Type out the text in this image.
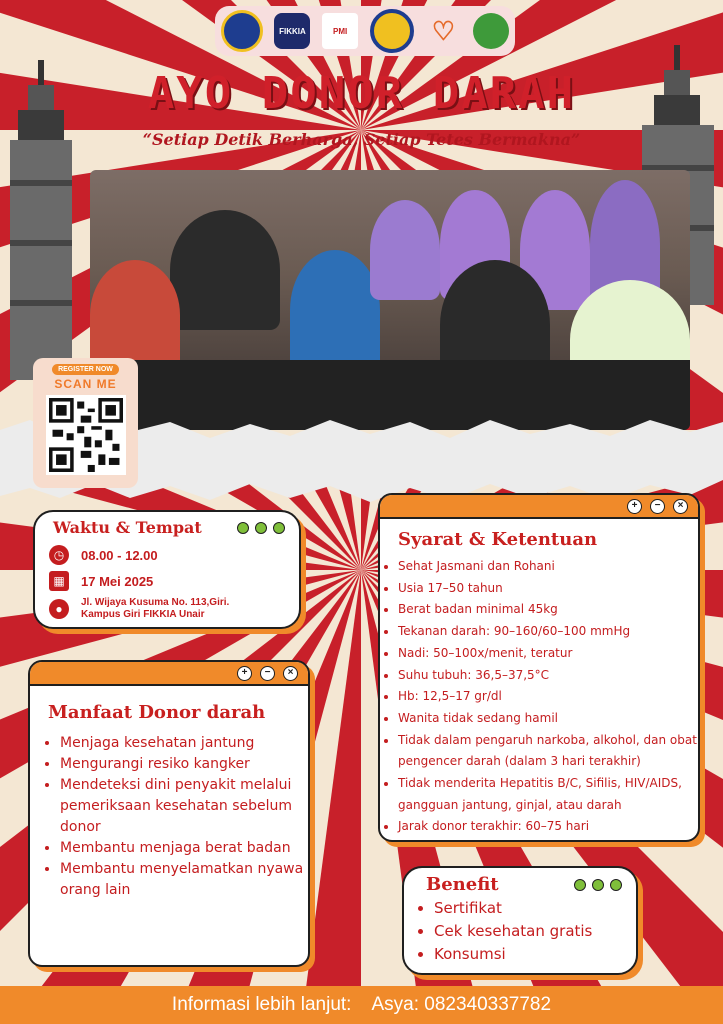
FIKKIA	PMI	♡
AYO DONOR DARAH
“Setiap Detik Berharga, Setiap Tetes Bermakna”
REGISTER NOW
SCAN ME
Waktu & Tempat
◷	08.00 - 12.00
▦	17 Mei 2025
●	Jl. Wijaya Kusuma No. 113,Giri.
Kampus Giri FIKKIA Unair
+	−	×
Syarat & Ketentuan
• Sehat Jasmani dan Rohani
• Usia 17–50 tahun
• Berat badan minimal 45kg
• Tekanan darah: 90–160/60–100 mmHg
• Nadi: 50–100x/menit, teratur
• Suhu tubuh: 36,5–37,5°C
• Hb: 12,5–17 gr/dl
• Wanita tidak sedang hamil
• Tidak dalam pengaruh narkoba, alkohol, dan obat pengencer darah (dalam 3 hari terakhir)
• Tidak menderita Hepatitis B/C, Sifilis, HIV/AIDS, gangguan jantung, ginjal, atau darah
• Jarak donor terakhir: 60–75 hari
+	−	×
Manfaat Donor darah
• Menjaga kesehatan jantung
• Mengurangi resiko kangker
• Mendeteksi dini penyakit melalui pemeriksaan kesehatan sebelum donor
• Membantu menjaga berat badan
• Membantu menyelamatkan nyawa orang lain	Benefit
• Sertifikat
• Cek kesehatan gratis
• Konsumsi
Informasi lebih lanjut: Asya: 082340337782
